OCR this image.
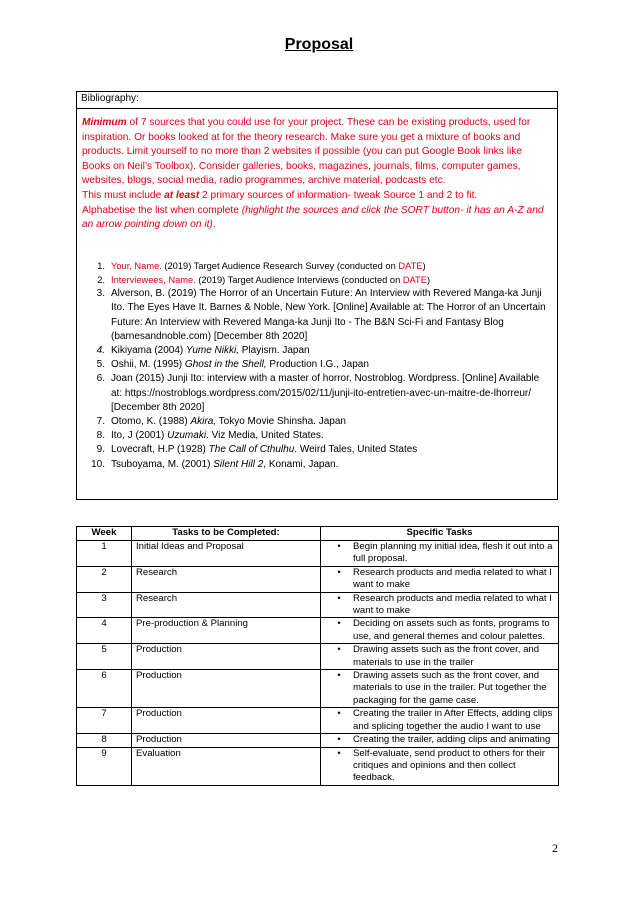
Proposal
Bibliography:
Minimum of 7 sources that you could use for your project. These can be existing products, used for inspiration. Or books looked at for the theory research. Make sure you get a mixture of books and products. Limit yourself to no more than 2 websites if possible (you can put Google Book links like Books on Neil’s Toolbox). Consider galleries, books, magazines, journals, films, computer games, websites, blogs, social media, radio programmes, archive material, podcasts etc.
This must include at least 2 primary sources of information- tweak Source 1 and 2 to fit.
Alphabetise the list when complete (highlight the sources and click the SORT button- it has an A-Z and an arrow pointing down on it).
1. Your, Name. (2019) Target Audience Research Survey (conducted on DATE)
2. Interviewees, Name. (2019) Target Audience Interviews (conducted on DATE)
3. Alverson, B. (2019) The Horror of an Uncertain Future: An Interview with Revered Manga-ka Junji Ito. The Eyes Have It. Barnes & Noble, New York. [Online] Available at: The Horror of an Uncertain Future: An Interview with Revered Manga-ka Junji Ito - The B&N Sci-Fi and Fantasy Blog (barnesandnoble.com) [December 8th 2020]
4. Kikiyama (2004) Yume Nikki, Playism. Japan
5. Oshii, M. (1995) Ghost in the Shell, Production I.G., Japan
6. Joan (2015) Junji Ito: interview with a master of horror, Nostroblog. Wordpress. [Online] Available at: https://nostroblogs.wordpress.com/2015/02/11/junji-ito-entretien-avec-un-maitre-de-lhorreur/ [December 8th 2020]
7. Otomo, K. (1988) Akira, Tokyo Movie Shinsha. Japan
8. Ito, J (2001) Uzumaki. Viz Media, United States.
9. Lovecraft, H.P (1928) The Call of Cthulhu. Weird Tales, United States
10. Tsuboyama, M. (2001) Silent Hill 2, Konami, Japan.
Week	Tasks to be Completed:	Specific Tasks
1	Initial Ideas and Proposal	• Begin planning my initial idea, flesh it out into a full proposal.

2	Research	• Research products and media related to what I want to make

3	Research	• Research products and media related to what I want to make

4	Pre-production & Planning	• Deciding on assets such as fonts, programs to use, and general themes and colour palettes.

5	Production	• Drawing assets such as the front cover, and materials to use in the trailer

6	Production	• Drawing assets such as the front cover, and materials to use in the trailer. Put together the packaging for the game case.

7	Production	• Creating the trailer in After Effects, adding clips and splicing together the audio I want to use

8	Production	• Creating the trailer, adding clips and animating

9	Evaluation	• Self-evaluate, send product to others for their critiques and opinions and then collect feedback.
2
